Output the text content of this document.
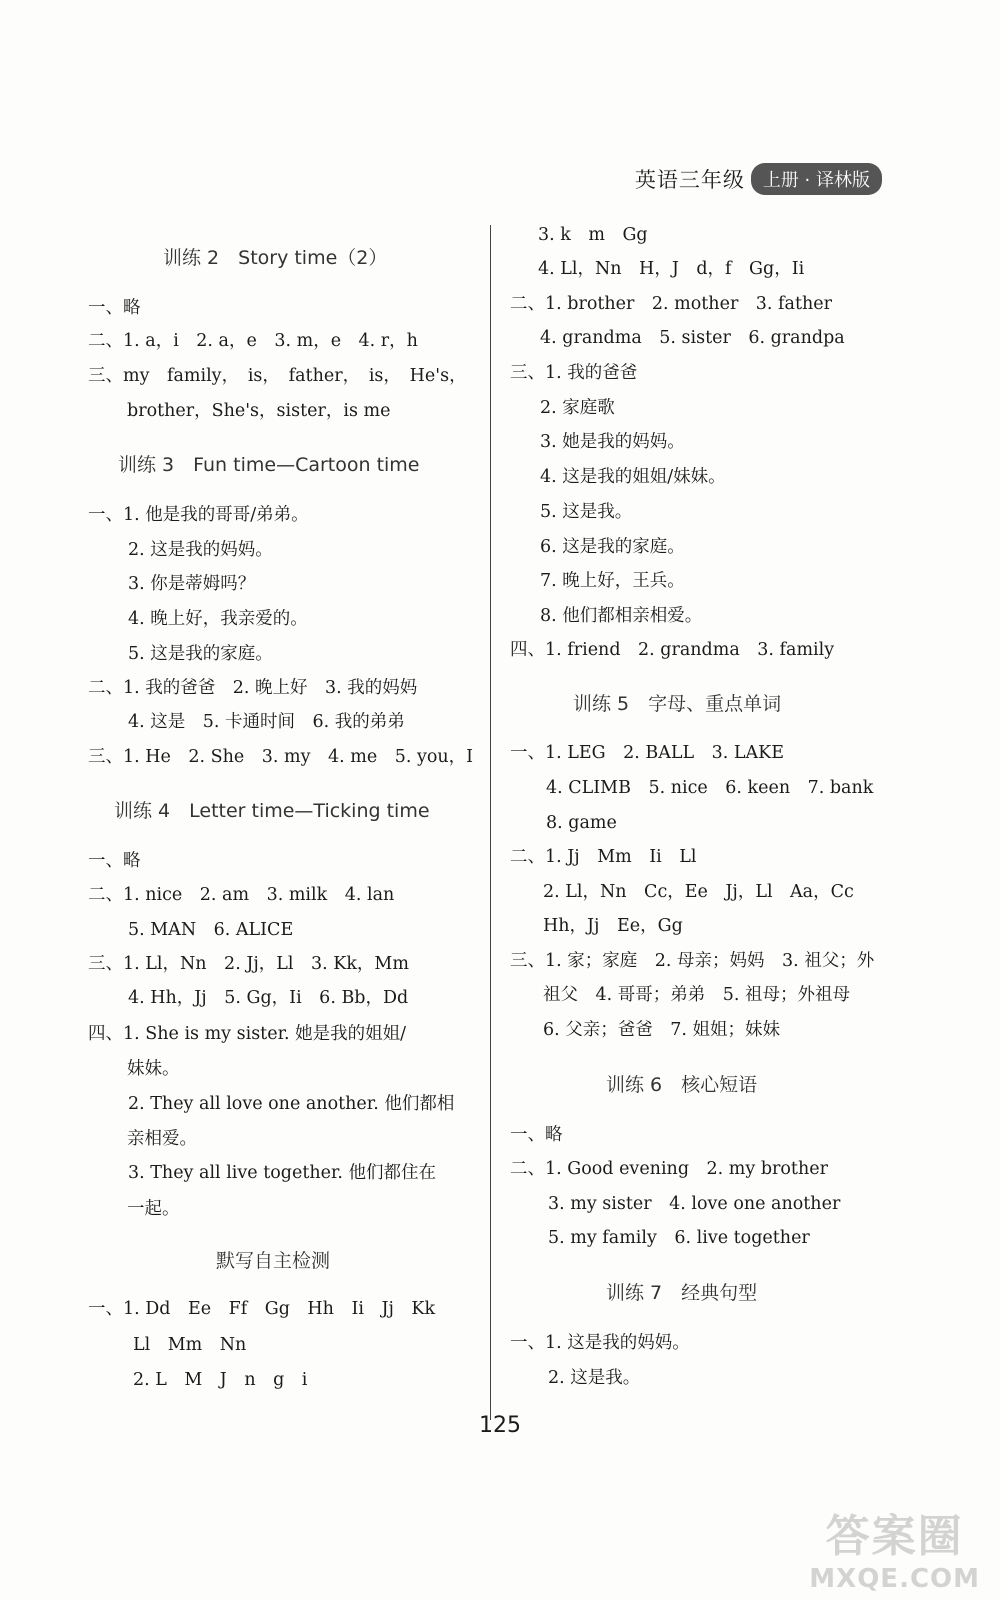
英语三年级	上册 · 译林版
训练 2　Story time（2）
一、略
二、1. a，i　2. a，e　3. m，e　4. r，h
三、my　family，　is，　father，　is，　He's，
brother，She's，sister，is me
训练 3　Fun time—Cartoon time
一、1. 他是我的哥哥/弟弟。
2. 这是我的妈妈。
3. 你是蒂姆吗？
4. 晚上好，我亲爱的。
5. 这是我的家庭。
二、1. 我的爸爸　2. 晚上好　3. 我的妈妈
4. 这是　5. 卡通时间　6. 我的弟弟
三、1. He　2. She　3. my　4. me　5. you，I
训练 4　Letter time—Ticking time
一、略
二、1. nice　2. am　3. milk　4. lan
5. MAN　6. ALICE
三、1. Ll，Nn　2. Jj，Ll　3. Kk，Mm
4. Hh，Jj　5. Gg，Ii　6. Bb，Dd
四、1. She is my sister. 她是我的姐姐/
妹妹。
2. They all love one another. 他们都相
亲相爱。
3. They all live together. 他们都住在
一起。
默写自主检测
一、1. Dd　Ee　Ff　Gg　Hh　Ii　Jj　Kk
Ll　Mm　Nn
2. L　M　J　n　g　i
3. k　m　Gg
4. Ll，Nn　H，J　d，f　Gg，Ii
二、1. brother　2. mother　3. father
4. grandma　5. sister　6. grandpa
三、1. 我的爸爸
2. 家庭歌
3. 她是我的妈妈。
4. 这是我的姐姐/妹妹。
5. 这是我。
6. 这是我的家庭。
7. 晚上好，王兵。
8. 他们都相亲相爱。
四、1. friend　2. grandma　3. family
训练 5　字母、重点单词
一、1. LEG　2. BALL　3. LAKE
4. CLIMB　5. nice　6. keen　7. bank
8. game
二、1. Jj　Mm　Ii　Ll
2. Ll，Nn　Cc，Ee　Jj，Ll　Aa，Cc
Hh，Jj　Ee，Gg
三、1. 家；家庭　2. 母亲；妈妈　3. 祖父；外
祖父　4. 哥哥；弟弟　5. 祖母；外祖母
6. 父亲；爸爸　7. 姐姐；妹妹
训练 6　核心短语
一、略
二、1. Good evening　2. my brother
3. my sister　4. love one another
5. my family　6. live together
训练 7　经典句型
一、1. 这是我的妈妈。
2. 这是我。
125
答案圈
MXQE.COM
